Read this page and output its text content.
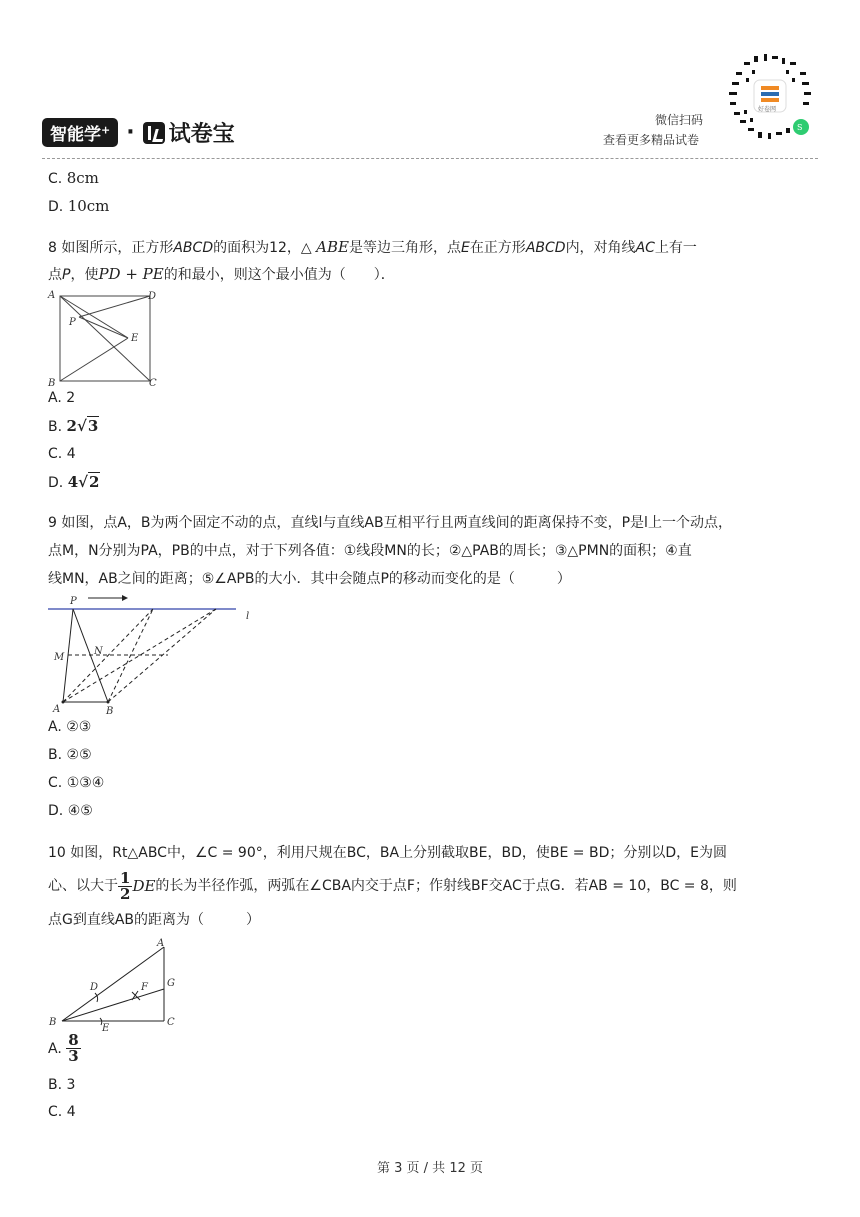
智能学+ · 试卷宝
微信扫码
查看更多精品试卷
S
好卷网
C. 8cm
D. 10cm
8 如图所示，正方形ABCD的面积为12，△ ABE是等边三角形，点E在正方形ABCD内，对角线AC上有一
点P，使PD + PE的和最小，则这个最小值为（　　）．
A	D
B	C
P
E
A. 2
B. 2√3
C. 4
D. 4√2
9 如图，点A，B为两个固定不动的点，直线l与直线AB互相平行且两直线间的距离保持不变，P是l上一个动点，
点M，N分别为PA，PB的中点，对于下列各值：①线段MN的长；②△PAB的周长；③△PMN的面积；④直
线MN，AB之间的距离；⑤∠APB的大小．其中会随点P的移动而变化的是（　　　）
P
l
M
N
A	B
A. ②③
B. ②⑤
C. ①③④
D. ④⑤
10 如图，Rt△ABC中，∠C = 90°，利用尺规在BC，BA上分别截取BE，BD，使BE = BD；分别以D，E为圆
心、以大于 $\frac{1}{2}$ DE 的长为半径作弧，两弧在∠CBA内交于点F；作射线BF交AC于点G．若AB = 10，BC = 8，则
点G到直线AB的距离为（　　　）
A
D	F G
B
E
C
A.
$\frac{8}{3}$
B. 3
C. 4
第 3 页 / 共 12 页
